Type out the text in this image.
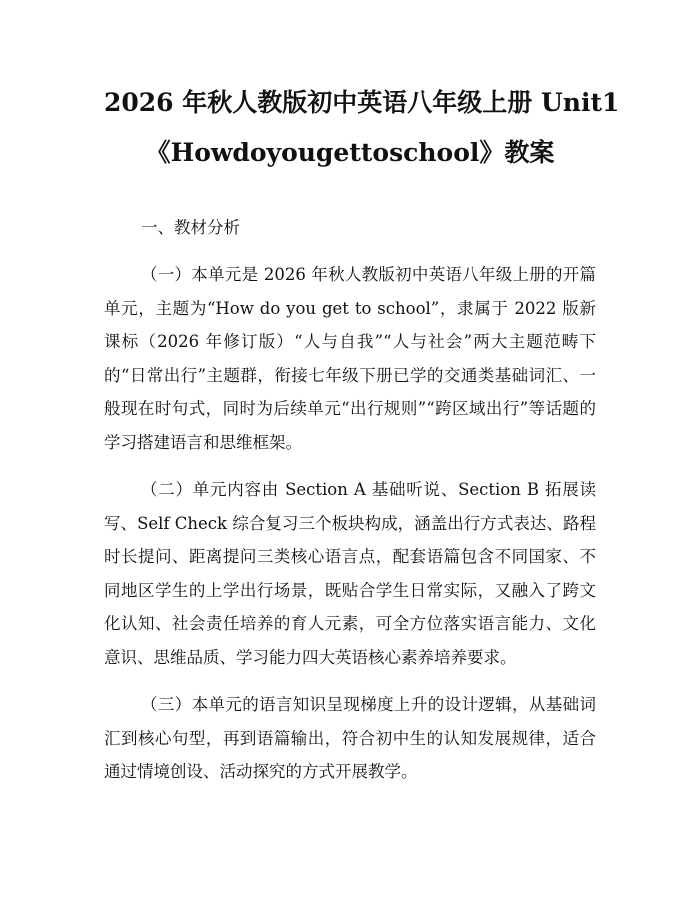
2026 年秋人教版初中英语八年级上册 Unit1
《Howdoyougettoschool》教案

一、教材分析

（一）本单元是 2026 年秋人教版初中英语八年级上册的开篇单元，主题为“How do you get to school”，隶属于 2022 版新课标（2026 年修订版）“人与自我”“人与社会”两大主题范畴下的“日常出行”主题群，衔接七年级下册已学的交通类基础词汇、一般现在时句式，同时为后续单元“出行规则”“跨区域出行”等话题的学习搭建语言和思维框架。

（二）单元内容由 Section A 基础听说、Section B 拓展读写、Self Check 综合复习三个板块构成，涵盖出行方式表达、路程时长提问、距离提问三类核心语言点，配套语篇包含不同国家、不同地区学生的上学出行场景，既贴合学生日常实际，又融入了跨文化认知、社会责任培养的育人元素，可全方位落实语言能力、文化意识、思维品质、学习能力四大英语核心素养培养要求。

（三）本单元的语言知识呈现梯度上升的设计逻辑，从基础词汇到核心句型，再到语篇输出，符合初中生的认知发展规律，适合通过情境创设、活动探究的方式开展教学。
